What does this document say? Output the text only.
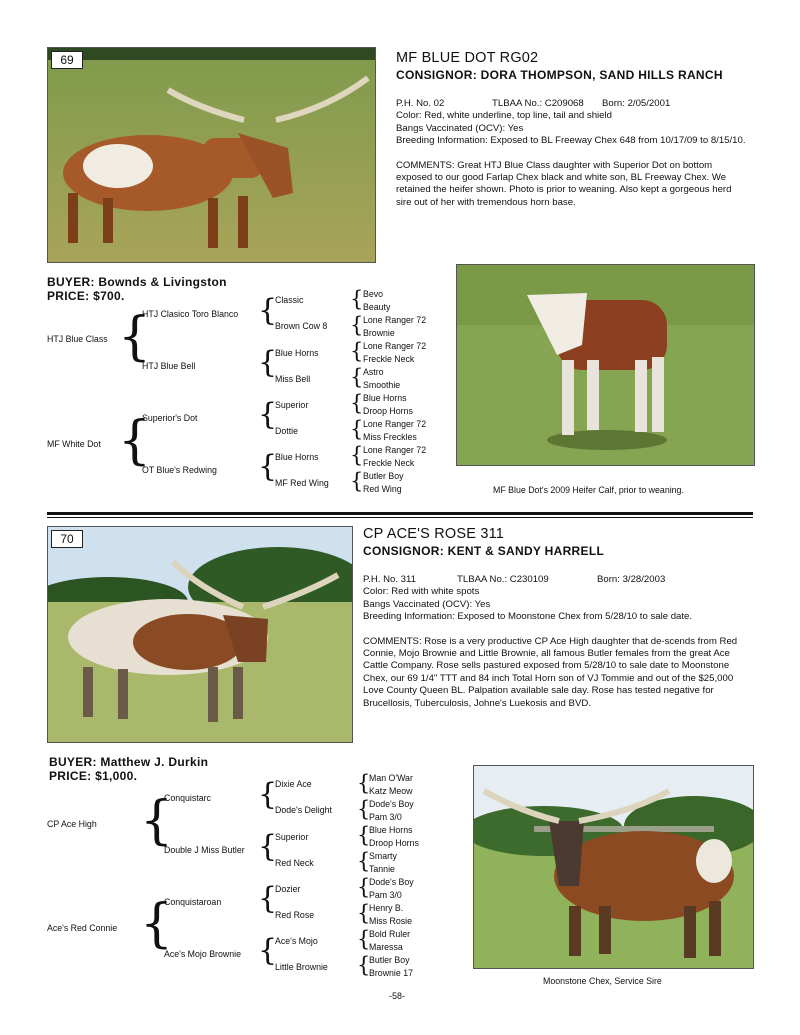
69	MF BLUE DOT RG02
CONSIGNOR: DORA THOMPSON, SAND HILLS RANCH

P.H. No. 02	TLBAA No.: C209068 Born: 2/05/2001

Color: Red, white underline, top line, tail and shield

Bangs Vaccinated (OCV): Yes

Breeding Information: Exposed to BL Freeway Chex 648 from 10/17/09 to 8/15/10.

COMMENTS: Great HTJ Blue Class daughter with Superior Dot on bottom exposed to our good Farlap Chex black and white son, BL Freeway Chex. We retained the heifer shown. Photo is prior to weaning. Also kept a gorgeous herd sire out of her with tremendous horn base.

BUYER: Bownds & Livingston
PRICE: $700.
HTJ Blue Class
MF White Dot
{
{
HTJ Clasico Toro Blanco
HTJ Blue Bell
Superior's Dot
OT Blue's Redwing
{
{
{
{
Classic
Brown Cow 8
Blue Horns
Miss Bell
Superior
Dottie
Blue Horns
MF Red Wing
{
{
{
{
{
{
{
{
Bevo
Beauty
Lone Ranger 72
Brownie
Lone Ranger 72
Freckle Neck
Astro
Smoothie
Blue Horns
Droop Horns
Lone Ranger 72
Miss Freckles
Lone Ranger 72
Freckle Neck
Butler Boy
Red Wing	MF Blue Dot's 2009 Heifer Calf, prior to weaning.
70	CP ACE'S ROSE 311
CONSIGNOR: KENT & SANDY HARRELL

P.H. No. 311	TLBAA No.: C230109	Born: 3/28/2003

Color: Red with white spots

Bangs Vaccinated (OCV): Yes

Breeding Information: Exposed to Moonstone Chex from 5/28/10 to sale date.

COMMENTS: Rose is a very productive CP Ace High daughter that de-scends from Red Connie, Mojo Brownie and Little Brownie, all famous Butler females from the great Ace Cattle Company. Rose sells pastured exposed from 5/28/10 to sale date to Moonstone Chex, our 69 1/4" TTT and 84 inch Total Horn son of VJ Tommie and out of the $25,000 Love County Queen BL. Palpation available sale day. Rose has tested negative for Brucellosis, Tuberculosis, Johne's Luekosis and BVD.

BUYER: Matthew J. Durkin
PRICE: $1,000.
CP Ace High
Ace's Red Connie
{
{
Conquistarc
Double J Miss Butler
Conquistaroan
Ace's Mojo Brownie
{
{
{
{
Dixie Ace
Dode's Delight
Superior
Red Neck
Dozier
Red Rose
Ace's Mojo
Little Brownie
{
{
{
{
{
{
{
{
Man O'War
Katz Meow
Dode's Boy
Pam 3/0
Blue Horns
Droop Horns
Smarty
Tannie
Dode's Boy
Pam 3/0
Henry B.
Miss Rosie
Bold Ruler
Maressa
Butler Boy
Brownie 17
Moonstone Chex, Service Sire
-58-
